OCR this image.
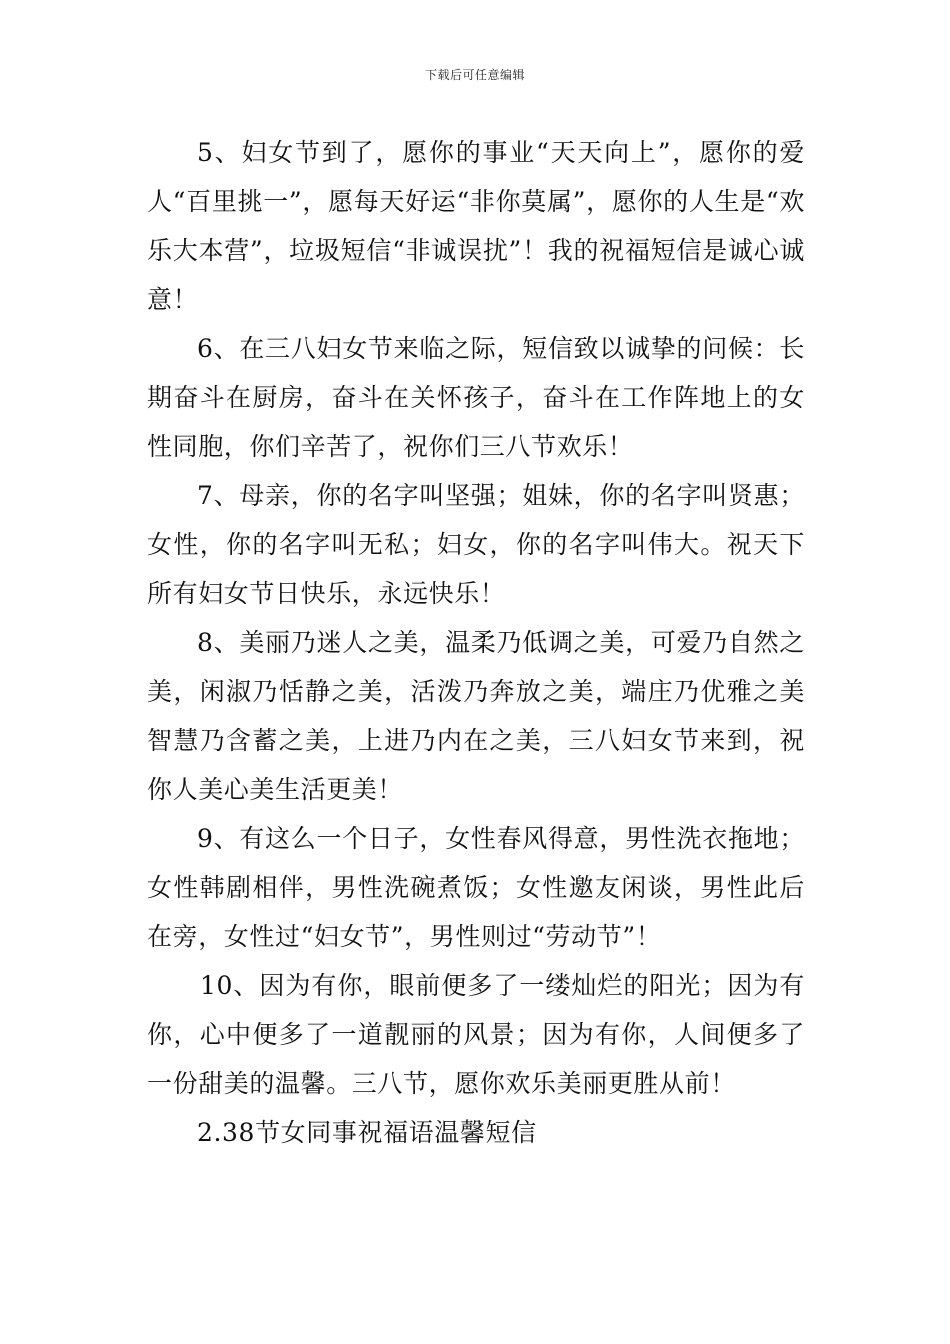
下载后可任意编辑

5、妇女节到了，愿你的事业“天天向上”，愿你的爱人“百里挑一”，愿每天好运“非你莫属”，愿你的人生是“欢乐大本营”，垃圾短信“非诚误扰”！我的祝福短信是诚心诚意！

6、在三八妇女节来临之际，短信致以诚挚的问候：长期奋斗在厨房，奋斗在关怀孩子，奋斗在工作阵地上的女性同胞，你们辛苦了，祝你们三八节欢乐！

7、母亲，你的名字叫坚强；姐妹，你的名字叫贤惠；女性，你的名字叫无私；妇女，你的名字叫伟大。祝天下所有妇女节日快乐，永远快乐！

8、美丽乃迷人之美，温柔乃低调之美，可爱乃自然之美，闲淑乃恬静之美，活泼乃奔放之美，端庄乃优雅之美智慧乃含蓄之美，上进乃内在之美，三八妇女节来到，祝你人美心美生活更美！

9、有这么一个日子，女性春风得意，男性洗衣拖地；女性韩剧相伴，男性洗碗煮饭；女性邀友闲谈，男性此后在旁，女性过“妇女节”，男性则过“劳动节”！

10、因为有你，眼前便多了一缕灿烂的阳光；因为有你，心中便多了一道靓丽的风景；因为有你，人间便多了一份甜美的温馨。三八节，愿你欢乐美丽更胜从前！

2.38节女同事祝福语温馨短信
